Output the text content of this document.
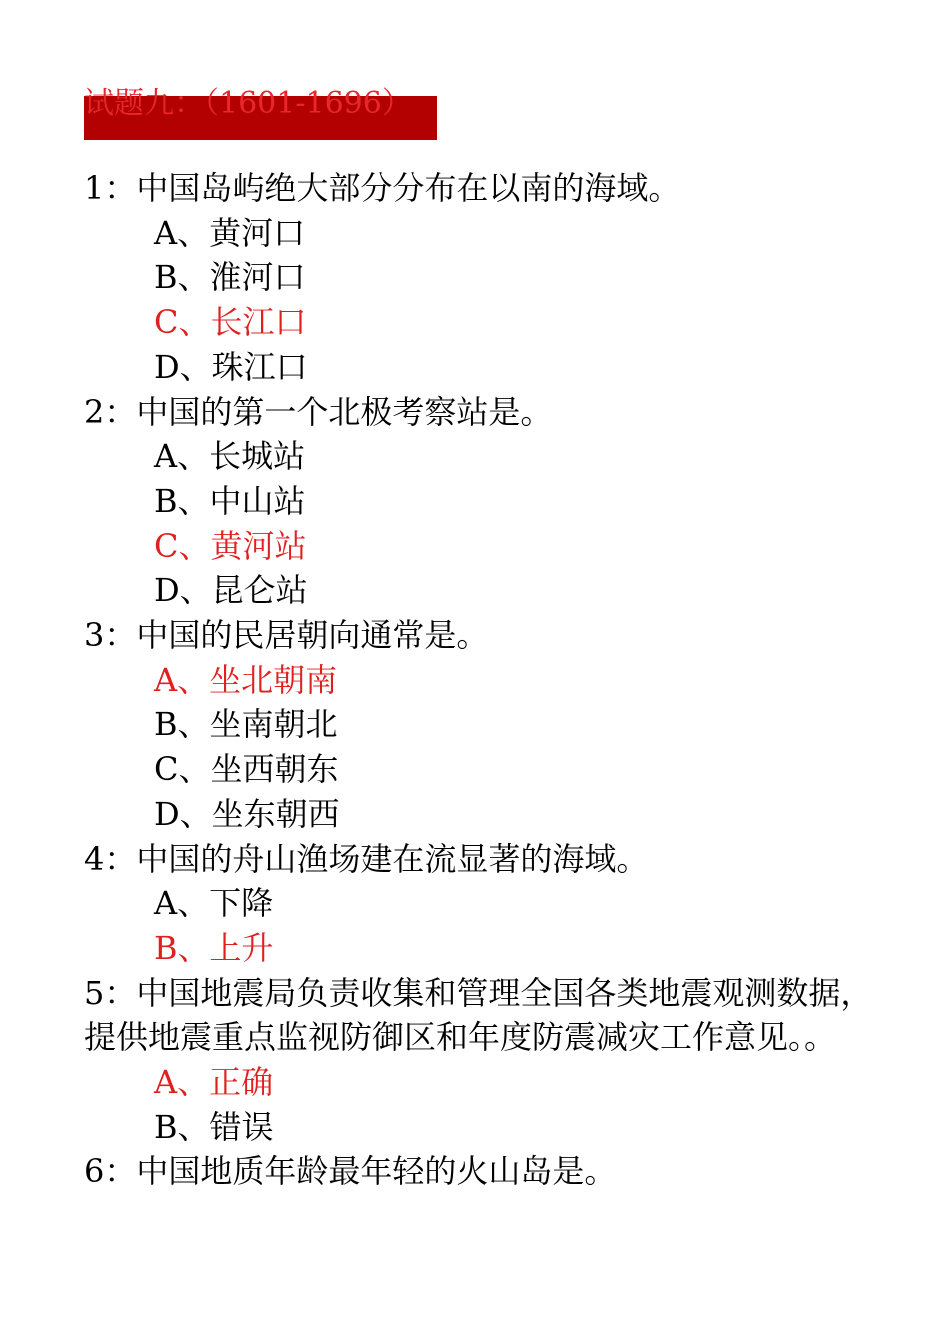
试题九：（1601-1696）

1：中国岛屿绝大部分分布在以南的海域。

A、黄河口

B、淮河口

C、长江口

D、珠江口

2：中国的第一个北极考察站是。

A、长城站

B、中山站

C、黄河站

D、昆仑站

3：中国的民居朝向通常是。

A、坐北朝南

B、坐南朝北

C、坐西朝东

D、坐东朝西

4：中国的舟山渔场建在流显著的海域。

A、下降

B、上升

5：中国地震局负责收集和管理全国各类地震观测数据，提供地震重点监视防御区和年度防震减灾工作意见。。

A、正确

B、错误

6：中国地质年龄最年轻的火山岛是。
